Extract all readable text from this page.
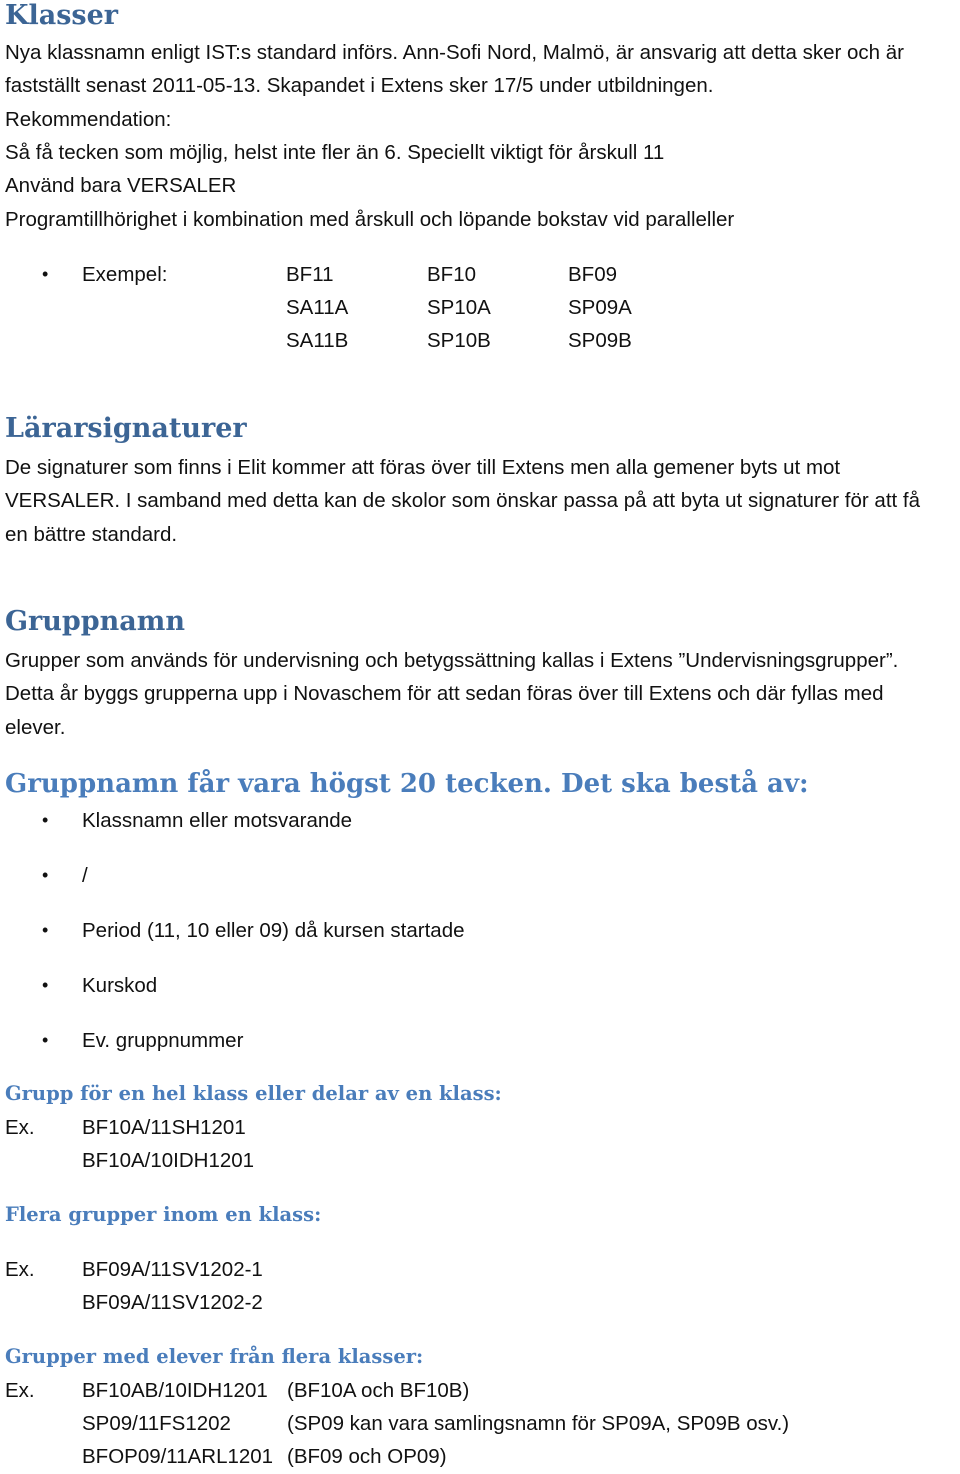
Klasser
Nya klassnamn enligt IST:s standard införs. Ann-Sofi Nord, Malmö, är ansvarig att detta sker och är
fastställt senast 2011-05-13. Skapandet i Extens sker 17/5 under utbildningen.
Rekommendation:
Så få tecken som möjlig, helst inte fler än 6. Speciellt viktigt för årskull 11
Använd bara VERSALER
Programtillhörighet i kombination med årskull och löpande bokstav vid paralleller
• Exempel:	BF11	BF10	BF09
SA11A	SP10A	SP09A
SA11B	SP10B	SP09B
Lärarsignaturer
De signaturer som finns i Elit kommer att föras över till Extens men alla gemener byts ut mot
VERSALER. I samband med detta kan de skolor som önskar passa på att byta ut signaturer för att få
en bättre standard.
Gruppnamn
Grupper som används för undervisning och betygssättning kallas i Extens ”Undervisningsgrupper”.
Detta år byggs grupperna upp i Novaschem för att sedan föras över till Extens och där fyllas med
elever.
Gruppnamn får vara högst 20 tecken. Det ska bestå av:
• Klassnamn eller motsvarande
• /
• Period (11, 10 eller 09) då kursen startade
• Kurskod
• Ev. gruppnummer
Grupp för en hel klass eller delar av en klass:
Ex. BF10A/11SH1201
BF10A/10IDH1201
Flera grupper inom en klass:
Ex. BF09A/11SV1202-1
BF09A/11SV1202-2
Grupper med elever från flera klasser:
Ex. BF10AB/10IDH1201 (BF10A och BF10B)
SP09/11FS1202	(SP09 kan vara samlingsnamn för SP09A, SP09B osv.)
BFOP09/11ARL1201 (BF09 och OP09)
